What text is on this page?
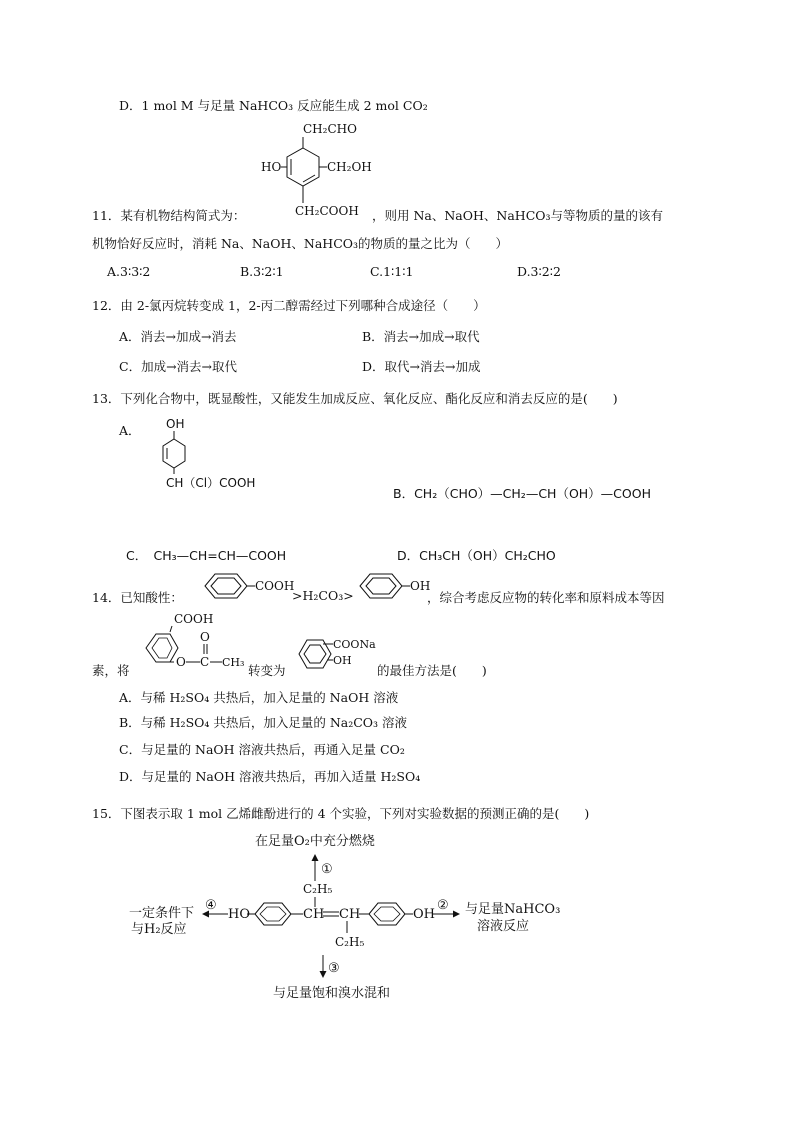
D．1 mol M 与足量 NaHCO₃ 反应能生成 2 mol CO₂
CH₂CHO
HO	CH₂OH
11．某有机物结构简式为：	CH₂COOH ，则用 Na、NaOH、NaHCO₃与等物质的量的该有
机物恰好反应时，消耗 Na、NaOH、NaHCO₃的物质的量之比为（　　）
A.3∶3∶2	B.3∶2∶1	C.1∶1∶1	D.3∶2∶2
12．由 2-氯丙烷转变成 1，2-丙二醇需经过下列哪种合成途径（　　）
A．消去→加成→消去	B．消去→加成→取代
C．加成→消去→取代	D．取代→消去→加成
13．下列化合物中，既显酸性，又能发生加成反应、氧化反应、酯化反应和消去反应的是(　　)
A． OH
CH（Cl）COOH
B．CH₂（CHO）—CH₂—CH（OH）—COOH
C．　CH₃—CH=CH—COOH	D．CH₃CH（OH）CH₂CHO
14．已知酸性：
COOH
>H₂CO₃>
OH
，综合考虑反应物的转化率和原料成本等因
COOH
O C
O
CH₃
素，将	转变为
COONa
OH
的最佳方法是(　　)
A．与稀 H₂SO₄ 共热后，加入足量的 NaOH 溶液
B．与稀 H₂SO₄ 共热后，加入足量的 Na₂CO₃ 溶液
C．与足量的 NaOH 溶液共热后，再通入足量 CO₂
D．与足量的 NaOH 溶液共热后，再加入适量 H₂SO₄
15．下图表示取 1 mol 乙烯雌酚进行的 4 个实验，下列对实验数据的预测正确的是(　　)
在足量O₂中充分燃烧
①
C₂H₅
一定条件下
与H₂反应
④
HO	CH CH	OH
② 与足量NaHCO₃
溶液反应
C₂H₅
③
与足量饱和溴水混和
